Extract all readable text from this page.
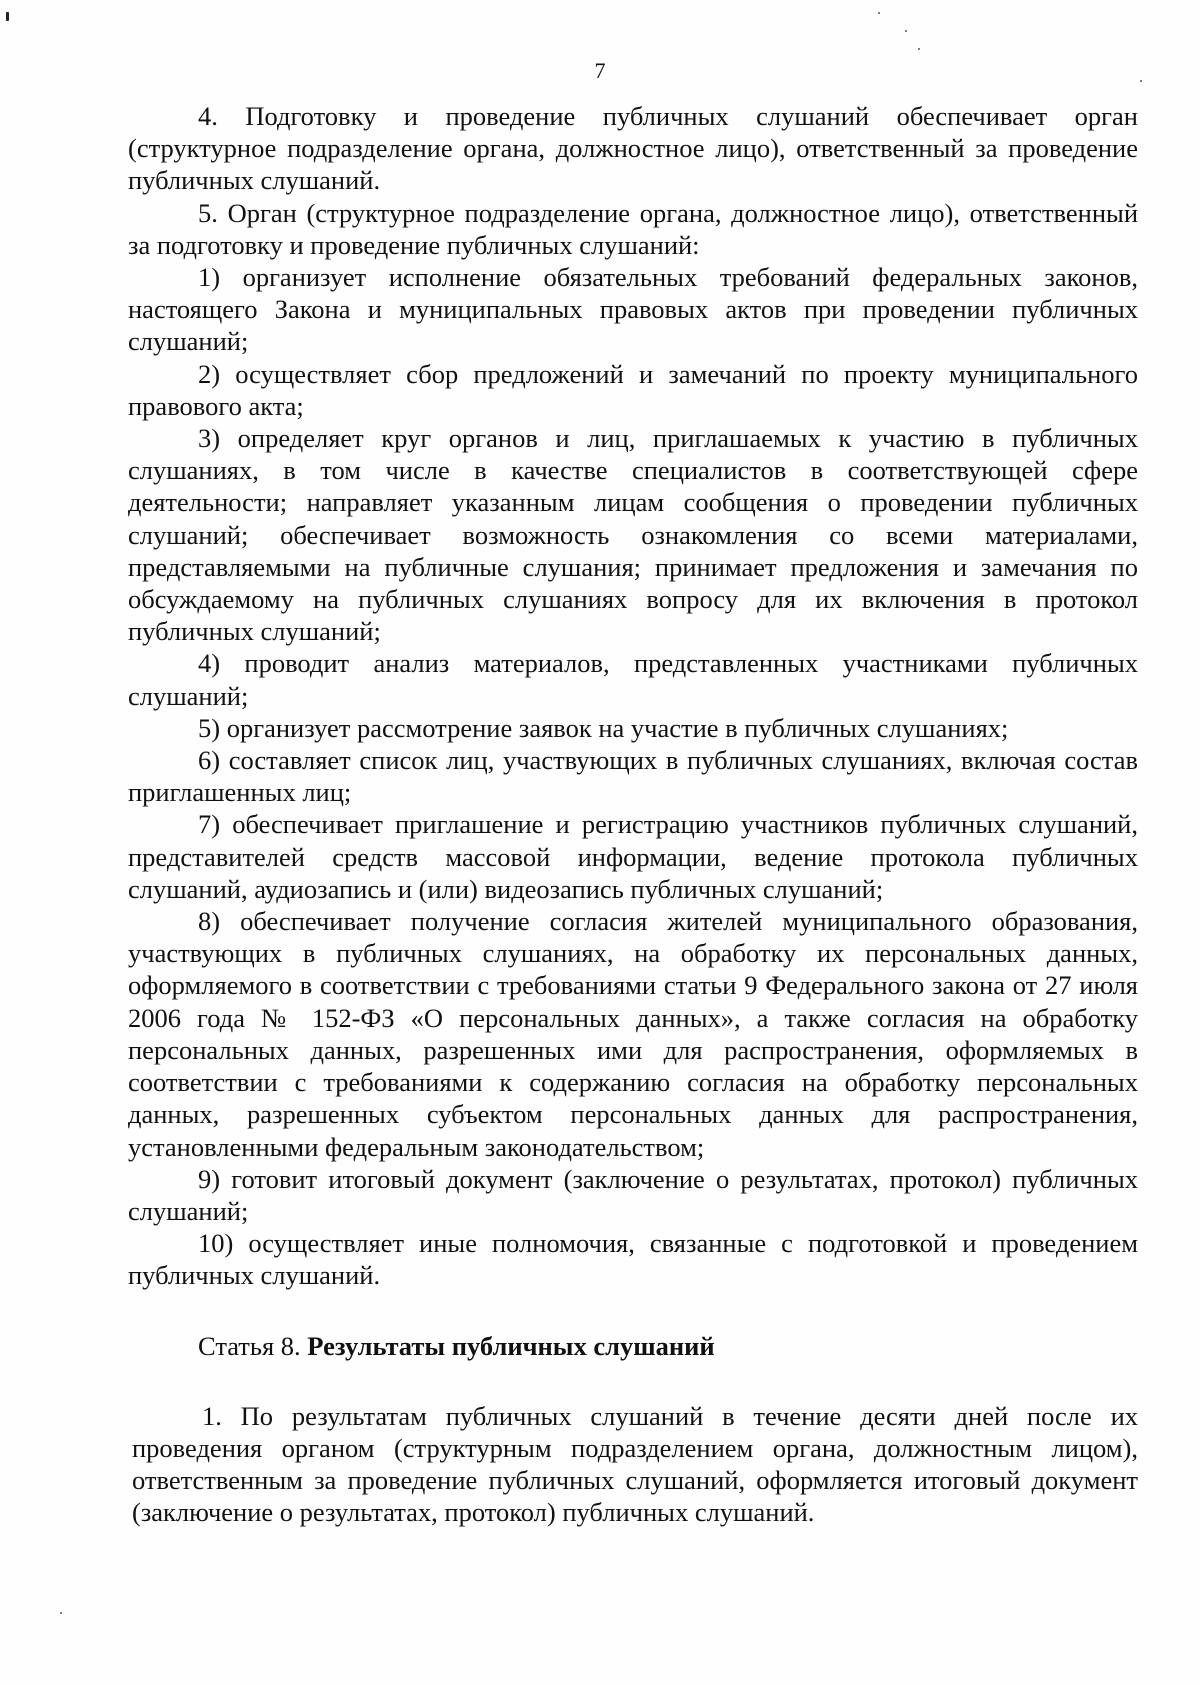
7

4. Подготовку и проведение публичных слушаний обеспечивает орган (структурное подразделение органа, должностное лицо), ответственный за проведение публичных слушаний.

5. Орган (структурное подразделение органа, должностное лицо), ответственный за подготовку и проведение публичных слушаний:

1) организует исполнение обязательных требований федеральных законов, настоящего Закона и муниципальных правовых актов при проведении публичных слушаний;

2) осуществляет сбор предложений и замечаний по проекту муниципального правового акта;

3) определяет круг органов и лиц, приглашаемых к участию в публичных слушаниях, в том числе в качестве специалистов в соответствующей сфере деятельности; направляет указанным лицам сообщения о проведении публичных слушаний; обеспечивает возможность ознакомления со всеми материалами, представляемыми на публичные слушания; принимает предложения и замечания по обсуждаемому на публичных слушаниях вопросу для их включения в протокол публичных слушаний;

4) проводит анализ материалов, представленных участниками публичных слушаний;

5) организует рассмотрение заявок на участие в публичных слушаниях;

6) составляет список лиц, участвующих в публичных слушаниях, включая состав приглашенных лиц;

7) обеспечивает приглашение и регистрацию участников публичных слушаний, представителей средств массовой информации, ведение протокола публичных слушаний, аудиозапись и (или) видеозапись публичных слушаний;

8) обеспечивает получение согласия жителей муниципального образования, участвующих в публичных слушаниях, на обработку их персональных данных, оформляемого в соответствии с требованиями статьи 9 Федерального закона от 27 июля 2006 года № 152-ФЗ «О персональных данных», а также согласия на обработку персональных данных, разрешенных ими для распространения, оформляемых в соответствии с требованиями к содержанию согласия на обработку персональных данных, разрешенных субъектом персональных данных для распространения, установленными федеральным законодательством;

9) готовит итоговый документ (заключение о результатах, протокол) публичных слушаний;

10) осуществляет иные полномочия, связанные с подготовкой и проведением публичных слушаний.

Статья 8. Результаты публичных слушаний

1. По результатам публичных слушаний в течение десяти дней после их проведения органом (структурным подразделением органа, должностным лицом), ответственным за проведение публичных слушаний, оформляется итоговый документ (заключение о результатах, протокол) публичных слушаний.
